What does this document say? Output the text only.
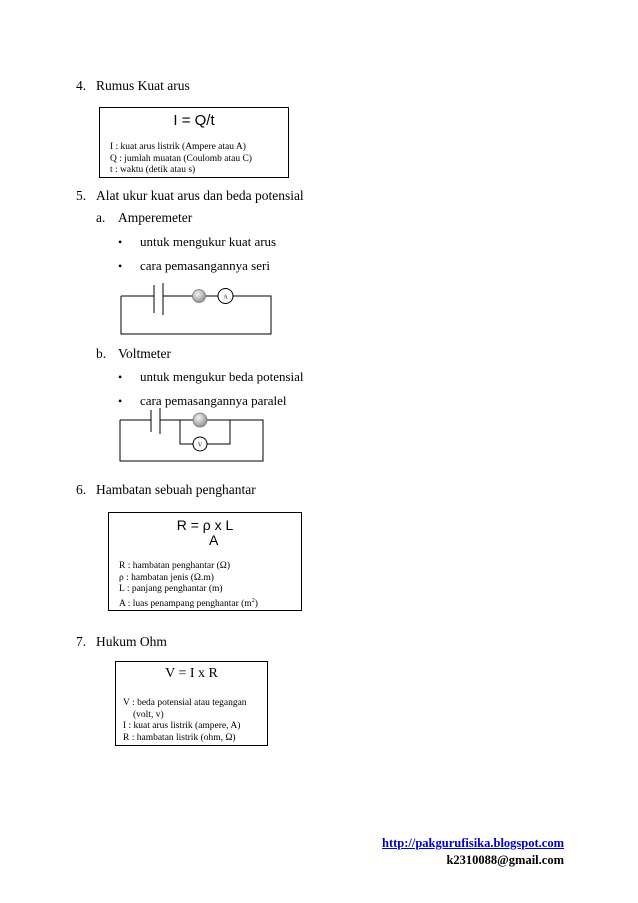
4. Rumus Kuat arus
I = Q/t
I : kuat arus listrik (Ampere atau A)
Q : jumlah muatan (Coulomb atau C)
t : waktu (detik atau s)
5. Alat ukur kuat arus dan beda potensial
a. Amperemeter
• untuk mengukur kuat arus
• cara pemasangannya seri
A
b. Voltmeter
• untuk mengukur beda potensial
V
• cara pemasangannya paralel
6. Hambatan sebuah penghantar
R = ρ x L
A
R : hambatan penghantar (Ω)
ρ : hambatan jenis (Ω.m)
L : panjang penghantar (m)
A : luas penampang penghantar $(m^2)$
7. Hukum Ohm
V = I x R
V : beda potensial atau tegangan
(volt, v)
I : kuat arus listrik (ampere, A)
R : hambatan listrik (ohm, Ω)
http://pakgurufisika.blogspot.com
k2310088@gmail.com
